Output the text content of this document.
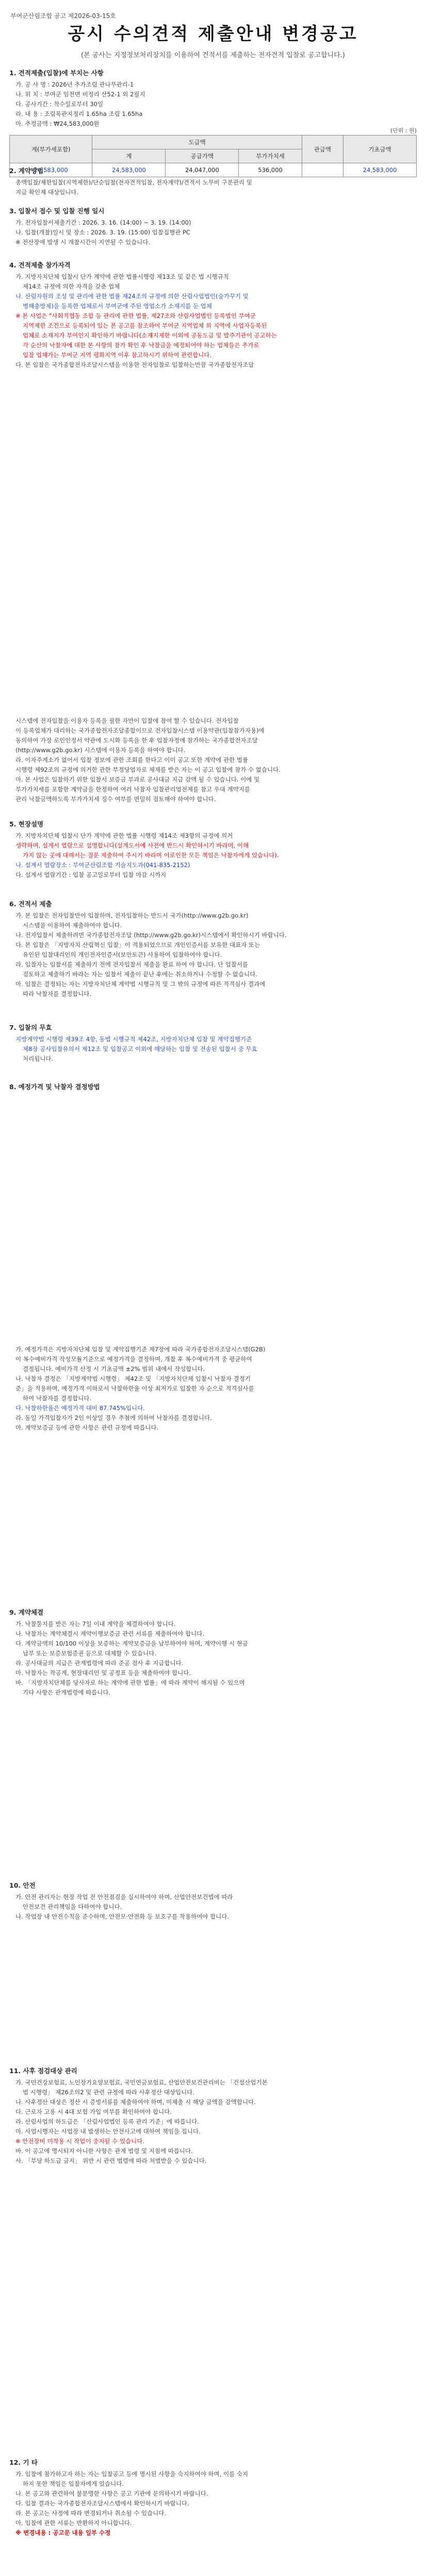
부여군산림조합 공고 제2026-03-15호
공시 수의견적 제출안내 변경공고
(본 공사는 지정정보처리장치를 이용하여 견적서를 제출하는 전자견적 입찰로 공고합니다.)
1. 견적제출(입찰)에 부치는 사항

가. 공 사 명 : 2026년 추가조림 관나무관리-1

나. 위 치 : 부여군 임천면 비정리 산52-1 외 2필지

다. 공사기간 : 착수일로부터 30일

라. 내 용 : 조림목관지정리 1.65ha 조림 1.65ha

마. 추정금액 : ₩24,583,000원

(단위 : 원)
계(부가세포함)	도급액			관급액	기초금액
	계	공급가액	부가가치세		
24,583,000	24,583,000	24,047,000	536,000		24,583,000
2. 계약방법

총액입찰/제한입찰(지역제한)/단순입찰(전자견적입찰, 전자계약)/견적서 노무비 구분관리 및

지급 확인제 대상입니다.

3. 입찰서 접수 및 입찰 진행 일시

가. 전자입찰서제출기간 : 2026. 3. 16. (14:00) ~ 3. 19. (14:00)

나. 입찰(개찰)일시 및 장소 : 2026. 3. 19. (15:00) 입찰집행관 PC

※ 전산장애 발생 시 개찰시간이 지연될 수 있습니다.

4. 견적제출 참가자격

가. 지방자치단체 입찰시 단가 계약에 관한 법률시행령 제13조 및 같은 법 시행규칙

제14조 규정에 의한 자격을 갖춘 업체

나. 산림자원의 조성 및 관리에 관한 법률 제24조의 규정에 의한 산림사업법인(숲가꾸기 및

병해충방제)을 등록한 업체로서 부여군에 주된 영업소가 소재지를 둔 업체

※ 본 사업은 "사회적협동 조합 등 관리에 관한 법률, 제27조와 산림사업법인 등록법인 부여군

지역제한 조건으로 등록되어 있는 본 공고를 참조하여 부여군 지역업체 외 지역에 사업자등록된

업체로 소재지가 부여인지 확인하기 바랍니다(소재지제한 이외에 공동도급 및 발주기관이 공고하는

각 순산의 낙찰자에 대한 본 사항의 참가 확인 후 낙찰금을 예정되어야 하는 업체들은 추가로

입찰 업체가는 부여군 지역 평화지역 이후 참고하시기 위하여 관련합니다.

다. 본 입찰은 국가종합전자조달시스템을 이용한 전자입찰로 입찰하는만큼 국가종합전자조달

시스템에 전자입찰을 이용자 등록을 필한 자만이 입찰에 참여 할 수 있습니다. 전자입찰

이 등록업체가 대리하는 국가종합전자조달종합이므로 전자입찰시스템 이용약관(입찰참가자용)에

동의하여 가장 로인인정서 약관에 도시화 등록을 한 후 입찰자정에 참가하는 국가종합전자조달

(http://www.g2b.go.kr) 시스템에 이용자 등록을 하여야 합니다.

라. 이자주계소가 없어서 입찰 정보에 관한 조회를 한다고 이미 공고 또한 계약에 관한 법률

시행령 제92조의 규정에 의거한 관한 부정당업자로 제재를 받은 자는 이 공고 입찰에 참가 수 없습니다.

마. 본 사업은 입찰하기 위한 입찰서 보증금 부과로 공사대금 지급 감액 될 수 있습니다. 이에 및

부가가치세를 포함한 계약금을 한정하여 여러 낙찰자 입찰관리업전제를 참고 우대 계약지를

관리 낙찰금액하도록 부가가치세 징수 여부를 면밀히 검토해야 하여야 합니다.

5. 현장설명

가. 지방자치단체 입찰시 단가 계약에 관한 법률 시행령 제14조 제3항의 규정에 의거

생략하며, 설계서 열람으로 설명합니다(설계도서에 사전에 반드시 확인하시기 바라며, 이해

가지 않는 곳에 대해서는 질문 제출하여 주시기 바라며 이로인한 모든 책임은 낙찰자에게 있습니다).

나. 설계서 열람장소 : 부여군산림조합 기술지도과(041-835-2152)

다. 설계서 열람기간 : 입찰 공고일로부터 입찰 마감 시까지

6. 견적서 제출

가. 본 입찰은 전자입찰만이 입찰하며, 전자입찰하는 반드시 국가(http://www.g2b.go.kr)

시스템을 이용하여 제출하여야 합니다.

나. 전자입찰서 제출하려면 국가종합전자조달 (http://www.g2b.go.kr)시스템에서 확인하시기 바랍니다.

다. 본 입찰은 「지방자치 산림혁신 입찰」이 적용되었으므로 개인인증서를 보유한 대표자 또는

유인된 입찰대리인의 개인전자인증서(보안토큰) 사용하여 입찰하여야 합니다.

라. 입찰자는 입찰서를 제출하기 전에 전자입찰서 제출을 완료 하여 야 합니다. 단 입찰서를

검토하고 제출하기 바라는 자는 입찰서 제출이 끝난 후에는 취소하거나 수정할 수 없습니다.

마. 입찰은 결정되는 자는 지방자치단체 계약법 시행규칙 및 그 밖의 규정에 따른 적격심사 결과에

따라 낙찰자를 결정합니다.

7. 입찰의 무효

지방계약법 시행령 제39조 4항, 동법 시행규칙 제42조, 지방자치단체 입찰 및 계약집행기준

제8장 공사입찰유의서 제12조 및 입찰공고 이외에 해당하는 입찰 및 전송된 입찰서 중 무효

처리됩니다.

8. 예정가격 및 낙찰자 결정방법

가. 예정가격은 지방자치단체 입찰 및 계약집행기준 제7장에 따라 국가종합전자조달시스템(G2B)

이 복수예비가격 작성모듈기준으로 예정가격을 결정하며, 개찰 후 복수예비가격 중 평균하여

결정됩니다. 예비가격 산정 시 기초금액 ±2% 범위 내에서 작성합니다.

나. 낙찰자 결정은 「지방계약법 시행령」 제42조 및 「지방자치단체 입찰시 낙찰자 결정기

준」을 적용하며, 예정가격 이하로서 낙찰하한율 이상 최저가로 입찰한 자 순으로 적격심사를

하여 낙찰자를 결정합니다.

다. 낙찰하한율은 예정가격 대비 87.745%입니다.

라. 동일 가격입찰자가 2인 이상일 경우 추첨에 의하여 낙찰자를 결정합니다.

마. 계약보증금 등에 관한 사항은 관련 규정에 따릅니다.

9. 계약체결

가. 낙찰통지를 받은 자는 7일 이내 계약을 체결하여야 합니다.

나. 낙찰자는 계약체결시 계약이행보증금 관련 서류를 제출하여야 합니다.

다. 계약금액의 10/100 이상을 보증하는 계약보증금을 납부하여야 하며, 계약이행 시 현금

납부 또는 보증보험증권 등으로 대체할 수 있습니다.

라. 공사대금의 지급은 관계법령에 따라 준공 검사 후 지급합니다.

마. 낙찰자는 착공계, 현장대리인 및 공정표 등을 제출하여야 합니다.

바. 「지방자치단체를 당사자로 하는 계약에 관한 법률」에 따라 계약이 해지될 수 있으며

기타 사항은 관계법령에 따릅니다.

10. 안전

가. 안전 관리자는 현장 작업 전 안전점검을 실시하여야 하며, 산업안전보건법에 따라

안전보건 관리책임을 다하여야 합니다.

나. 작업장 내 안전수칙을 준수하며, 안전모·안전화 등 보호구를 착용하여야 합니다.

11. 사후 점검대상 관리

가. 국민건강보험료, 노인장기요양보험료, 국민연금보험료, 산업안전보건관리비는 「건설산업기본

법 시행령」 제26조의2 및 관련 규정에 따라 사후정산 대상입니다.

나. 사후정산 대상은 정산 시 증빙서류를 제출하여야 하며, 미제출 시 해당 금액을 감액합니다.

다. 근로자 고용 시 4대 보험 가입 여부를 확인하여야 합니다.

라. 산림사업의 하도급은 「산림사업법인 등록 관리 기준」에 따릅니다.

마. 사업시행자는 사업장 내 발생하는 안전사고에 대하여 책임을 집니다.

※ 안전장비 미착용 시 작업이 중지될 수 있습니다.

바. 이 공고에 명시되지 아니한 사항은 관계 법령 및 지침에 따릅니다.

사. 「부당 하도급 금지」 위반 시 관련 법령에 따라 처벌받을 수 있습니다.

12. 기 타

가. 입찰에 참가하고자 하는 자는 입찰공고 등에 명시된 사항을 숙지하여야 하며, 이를 숙지

하지 못한 책임은 입찰자에게 있습니다.

나. 본 공고와 관련하여 불분명한 사항은 공고 기관에 문의하시기 바랍니다.

다. 입찰 결과는 국가종합전자조달시스템에서 확인하시기 바랍니다.

라. 본 공고는 사정에 따라 변경되거나 취소될 수 있습니다.

마. 입찰에 관한 서류는 반환하지 아니합니다.

※ 변경내용 : 공고문 내용 일부 수정
